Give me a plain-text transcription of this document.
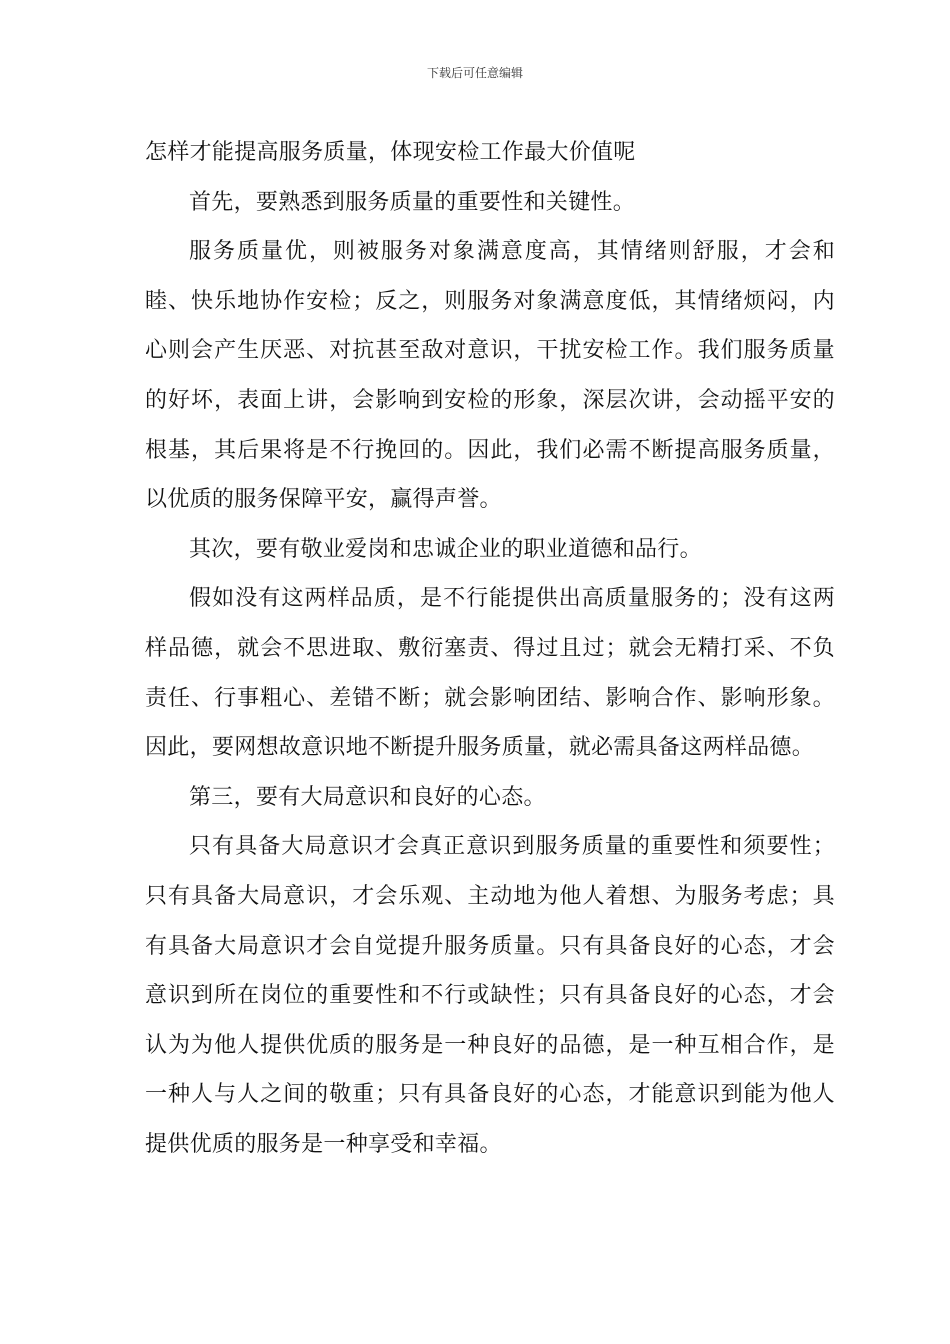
下载后可任意编辑

怎样才能提高服务质量，体现安检工作最大价值呢

首先，要熟悉到服务质量的重要性和关键性。

服务质量优，则被服务对象满意度高，其情绪则舒服，才会和睦、快乐地协作安检；反之，则服务对象满意度低，其情绪烦闷，内心则会产生厌恶、对抗甚至敌对意识，干扰安检工作。我们服务质量的好坏，表面上讲，会影响到安检的形象，深层次讲，会动摇平安的根基，其后果将是不行挽回的。因此，我们必需不断提高服务质量，以优质的服务保障平安，赢得声誉。

其次，要有敬业爱岗和忠诚企业的职业道德和品行。

假如没有这两样品质，是不行能提供出高质量服务的；没有这两样品德，就会不思进取、敷衍塞责、得过且过；就会无精打采、不负责任、行事粗心、差错不断；就会影响团结、影响合作、影响形象。因此，要网想故意识地不断提升服务质量，就必需具备这两样品德。

第三，要有大局意识和良好的心态。

只有具备大局意识才会真正意识到服务质量的重要性和须要性；只有具备大局意识，才会乐观、主动地为他人着想、为服务考虑；具有具备大局意识才会自觉提升服务质量。只有具备良好的心态，才会意识到所在岗位的重要性和不行或缺性；只有具备良好的心态，才会认为为他人提供优质的服务是一种良好的品德，是一种互相合作，是一种人与人之间的敬重；只有具备良好的心态，才能意识到能为他人提供优质的服务是一种享受和幸福。
